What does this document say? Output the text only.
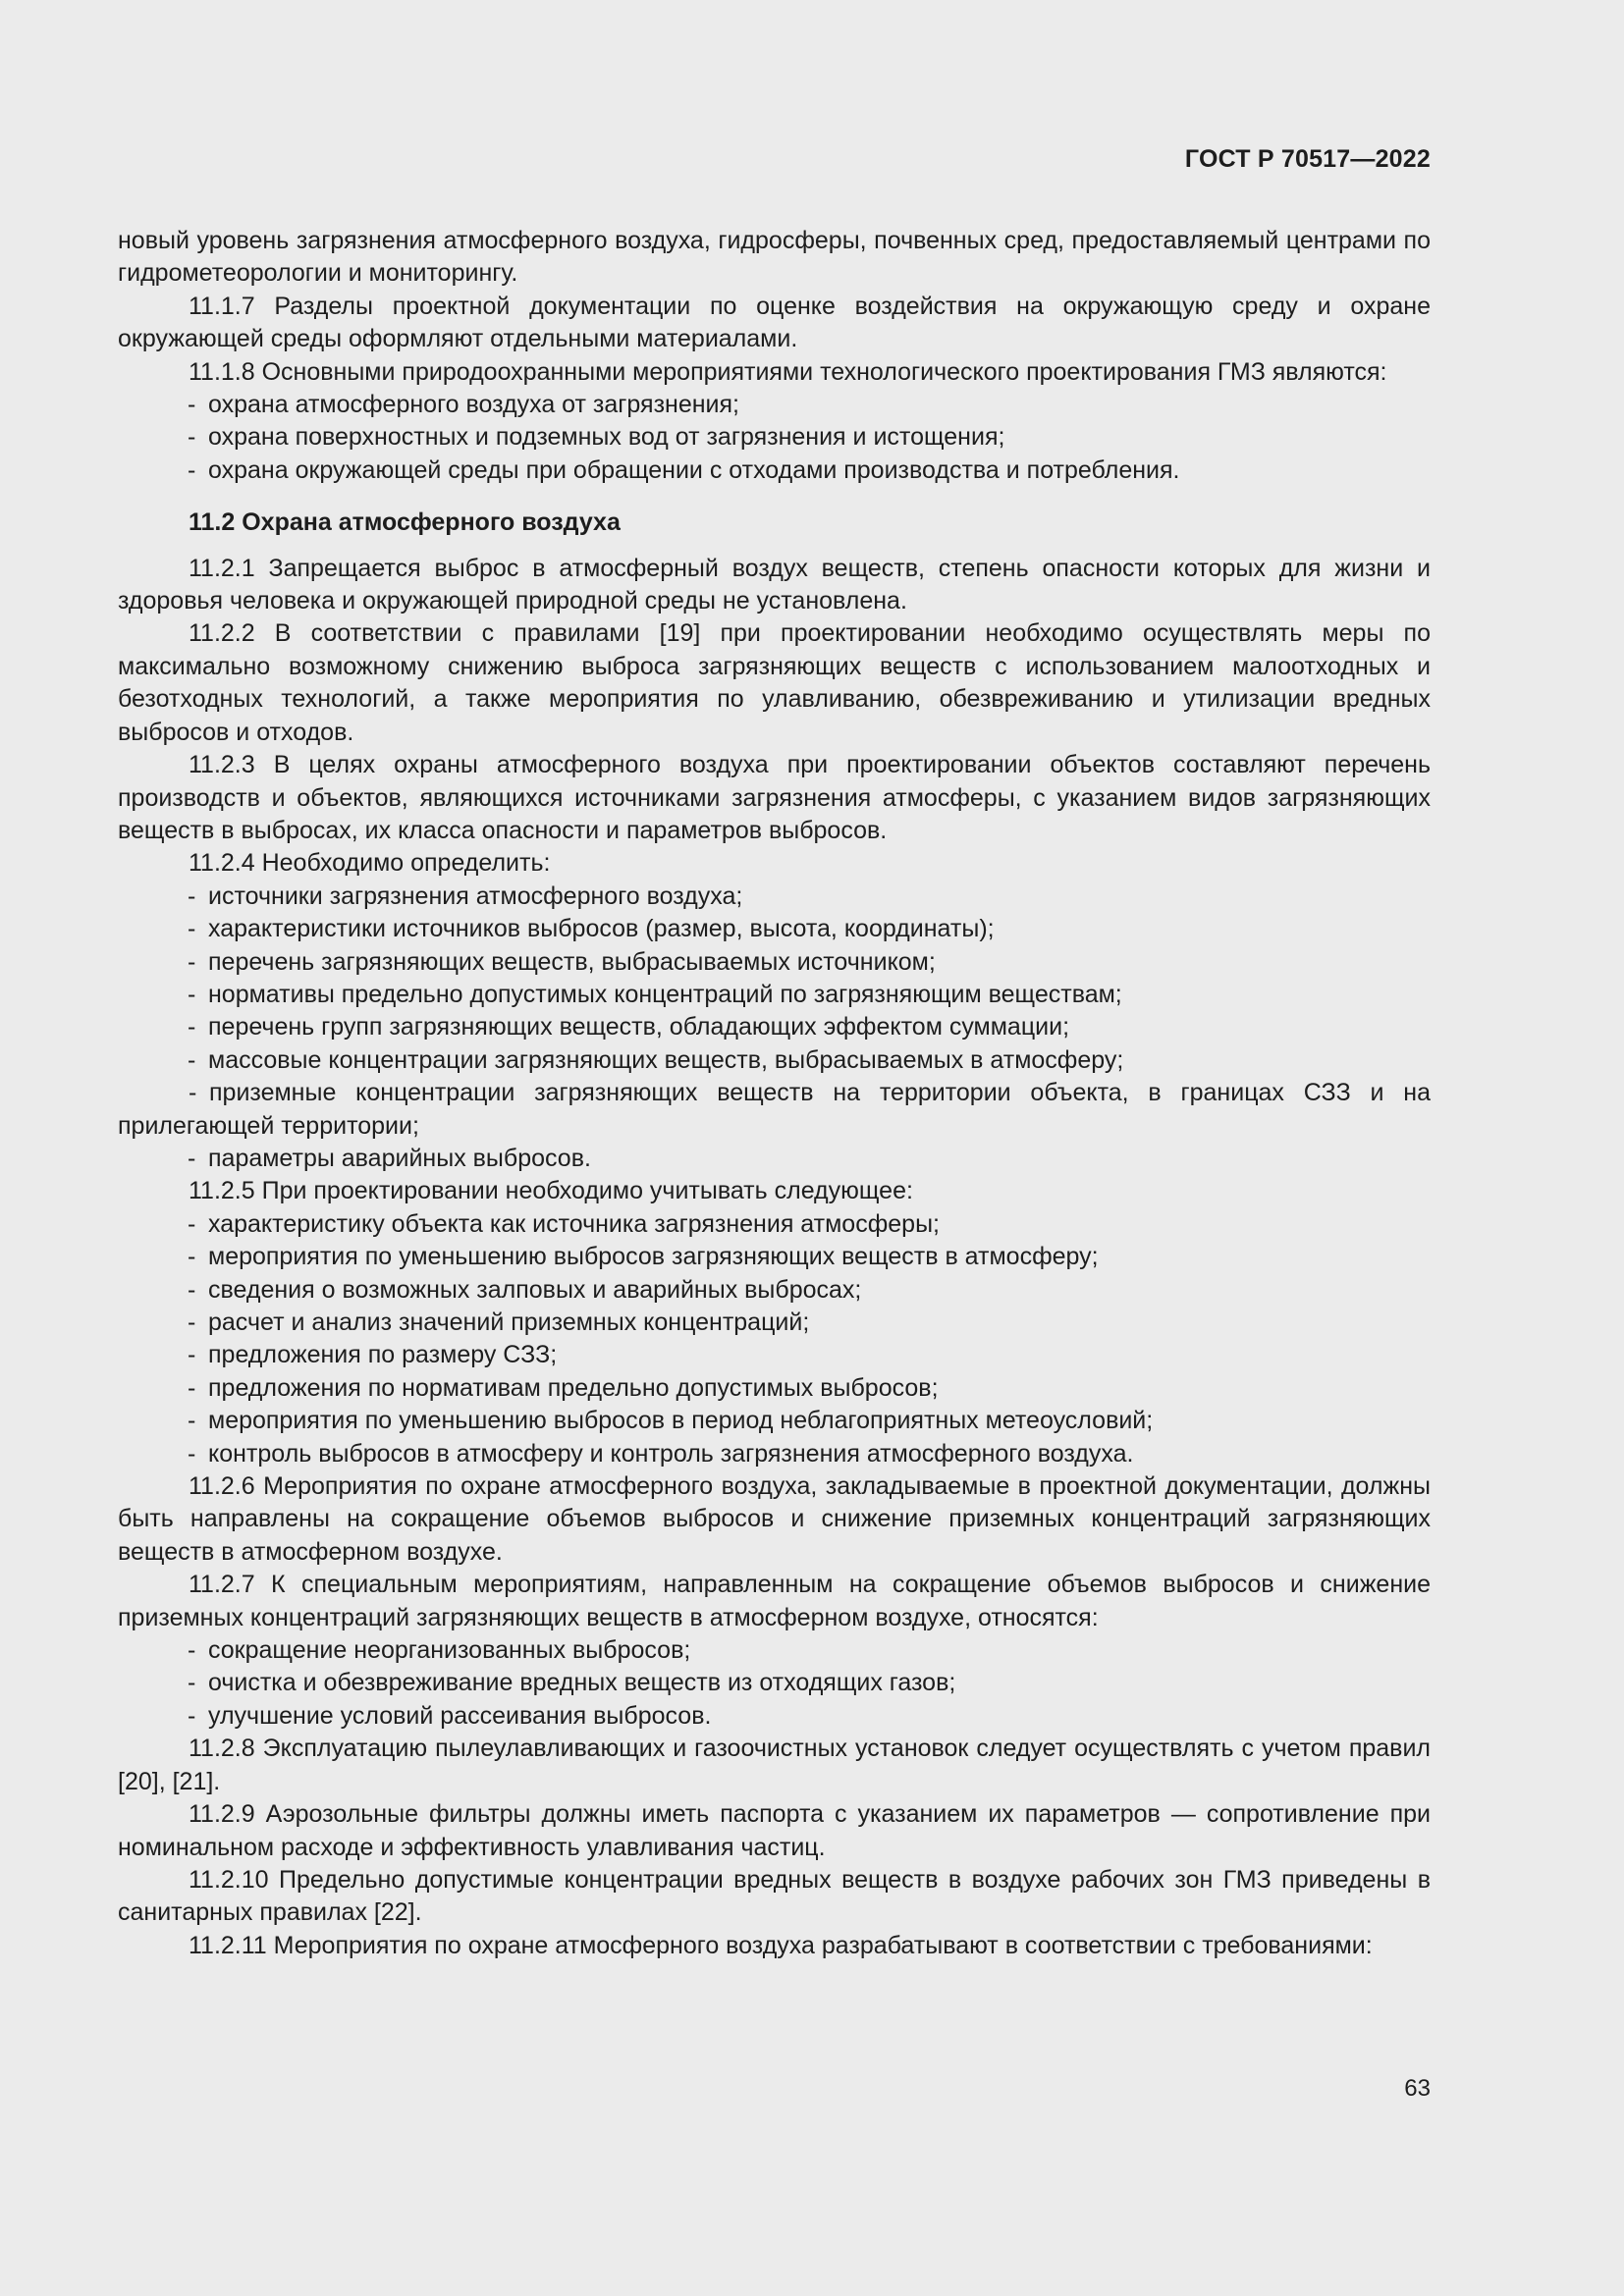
ГОСТ Р 70517—2022
новый уровень загрязнения атмосферного воздуха, гидросферы, почвенных сред, предоставляемый центрами по гидрометеорологии и мониторингу.
11.1.7 Разделы проектной документации по оценке воздействия на окружающую среду и охране окружающей среды оформляют отдельными материалами.
11.1.8 Основными природоохранными мероприятиями технологического проектирования ГМЗ являются:
- охрана атмосферного воздуха от загрязнения;
- охрана поверхностных и подземных вод от загрязнения и истощения;
- охрана окружающей среды при обращении с отходами производства и потребления.
11.2 Охрана атмосферного воздуха
11.2.1 Запрещается выброс в атмосферный воздух веществ, степень опасности которых для жизни и здоровья человека и окружающей природной среды не установлена.
11.2.2 В соответствии с правилами [19] при проектировании необходимо осуществлять меры по максимально возможному снижению выброса загрязняющих веществ с использованием малоотходных и безотходных технологий, а также мероприятия по улавливанию, обезвреживанию и утилизации вредных выбросов и отходов.
11.2.3 В целях охраны атмосферного воздуха при проектировании объектов составляют перечень производств и объектов, являющихся источниками загрязнения атмосферы, с указанием видов загрязняющих веществ в выбросах, их класса опасности и параметров выбросов.
11.2.4 Необходимо определить:
- источники загрязнения атмосферного воздуха;
- характеристики источников выбросов (размер, высота, координаты);
- перечень загрязняющих веществ, выбрасываемых источником;
- нормативы предельно допустимых концентраций по загрязняющим веществам;
- перечень групп загрязняющих веществ, обладающих эффектом суммации;
- массовые концентрации загрязняющих веществ, выбрасываемых в атмосферу;
- приземные концентрации загрязняющих веществ на территории объекта, в границах СЗЗ и на прилегающей территории;
- параметры аварийных выбросов.
11.2.5 При проектировании необходимо учитывать следующее:
- характеристику объекта как источника загрязнения атмосферы;
- мероприятия по уменьшению выбросов загрязняющих веществ в атмосферу;
- сведения о возможных залповых и аварийных выбросах;
- расчет и анализ значений приземных концентраций;
- предложения по размеру СЗЗ;
- предложения по нормативам предельно допустимых выбросов;
- мероприятия по уменьшению выбросов в период неблагоприятных метеоусловий;
- контроль выбросов в атмосферу и контроль загрязнения атмосферного воздуха.
11.2.6 Мероприятия по охране атмосферного воздуха, закладываемые в проектной документации, должны быть направлены на сокращение объемов выбросов и снижение приземных концентраций загрязняющих веществ в атмосферном воздухе.
11.2.7 К специальным мероприятиям, направленным на сокращение объемов выбросов и снижение приземных концентраций загрязняющих веществ в атмосферном воздухе, относятся:
- сокращение неорганизованных выбросов;
- очистка и обезвреживание вредных веществ из отходящих газов;
- улучшение условий рассеивания выбросов.
11.2.8 Эксплуатацию пылеулавливающих и газоочистных установок следует осуществлять с учетом правил [20], [21].
11.2.9 Аэрозольные фильтры должны иметь паспорта с указанием их параметров — сопротивление при номинальном расходе и эффективность улавливания частиц.
11.2.10 Предельно допустимые концентрации вредных веществ в воздухе рабочих зон ГМЗ приведены в санитарных правилах [22].
11.2.11 Мероприятия по охране атмосферного воздуха разрабатывают в соответствии с требованиями:
63
